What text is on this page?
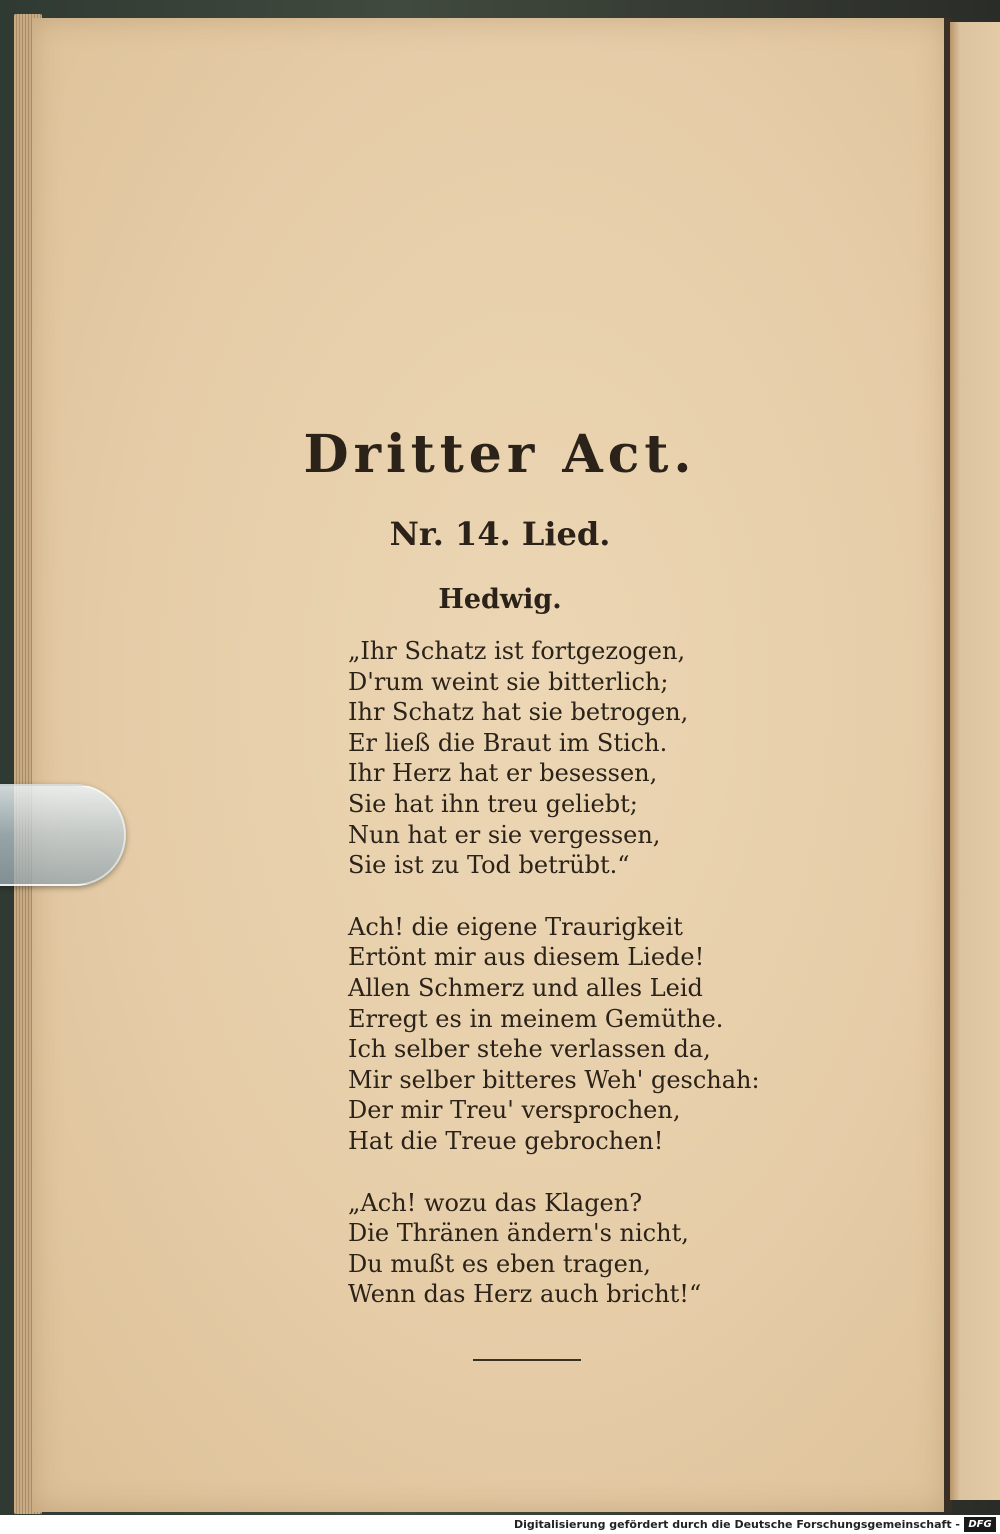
Dritter Act.
Nr. 14. Lied.
Hedwig.
„Ihr Schatz ist fortgezogen,
D'rum weint sie bitterlich;
Ihr Schatz hat sie betrogen,
Er ließ die Braut im Stich.
Ihr Herz hat er besessen,
Sie hat ihn treu geliebt;
Nun hat er sie vergessen,
Sie ist zu Tod betrübt.“
Ach! die eigene Traurigkeit
Ertönt mir aus diesem Liede!
Allen Schmerz und alles Leid
Erregt es in meinem Gemüthe.
Ich selber stehe verlassen da,
Mir selber bitteres Weh' geschah:
Der mir Treu' versprochen,
Hat die Treue gebrochen!
„Ach! wozu das Klagen?
Die Thränen ändern's nicht,
Du mußt es eben tragen,
Wenn das Herz auch bricht!“
Digitalisierung gefördert durch die Deutsche Forschungsgemeinschaft - DFG
